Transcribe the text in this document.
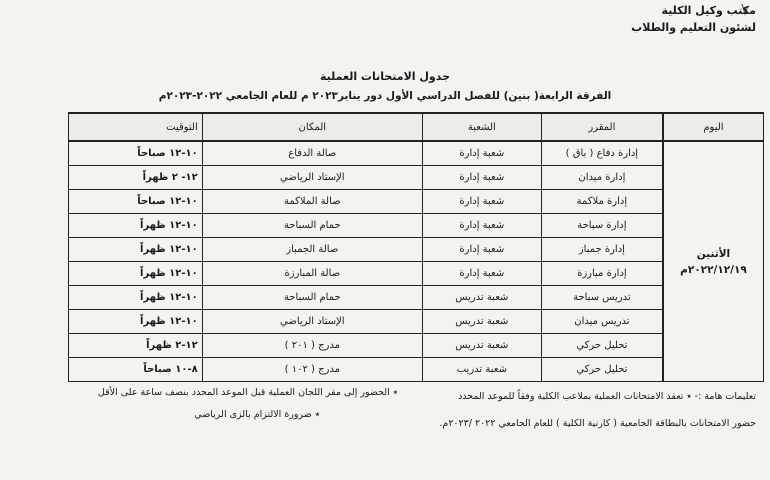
مكتب وكيل الكلية
لشئون التعليم والطلاب
جدول الامتحانات العملية
الفرقة الرابعة( بنين) للفصل الدراسي الأول دور يناير٢٠٢٣ م للعام الجامعي ٢٠٢٢-٢٠٢٣م
اليوم	المقرر	الشعبة	المكان	التوقيت
الأثنين
٢٠٢٢/١٢/١٩م	إدارة دفاع ( باق )	شعبة إدارة	صالة الدفاع	١٠-١٢ صباحاً
	إدارة ميدان	شعبة إدارة	الإستاد الرياضي	١٢- ٢ ظهراً
	إدارة ملاكمة	شعبة إدارة	صالة الملاكمة	١٠-١٢ صباحاً
	إدارة سباحة	شعبة إدارة	حمام السباحة	١٠-١٢ ظهراً
	إدارة جمباز	شعبة إدارة	صالة الجمباز	١٠-١٢ ظهراً
	إدارة مبارزة	شعبة إدارة	صالة المبارزة	١٠-١٢ ظهراً
	تدريس سباحة	شعبة تدريس	حمام السباحة	١٠-١٢ ظهراً
	تدريس ميدان	شعبة تدريس	الإستاد الرياضي	١٠-١٢ ظهراً
	تحليل حركي	شعبة تدريس	مدرج ( ٢٠١ )	١٢-٢ ظهراً
	تحليل حركي	شعبة تدريب	مدرج ( ١٠٢ )	٨-١٠ صباحاً
تعليمات هامة :- ٭ تعقد الامتحانات العملية بملاعب الكلية وفقاً للموعد المحدد
حضور الامتحانات بالبطاقة الجامعية ( كارنية الكلية ) للعام الجامعي ٢٠٢٢ /٢٠٢٣م.
٭ الحضور إلى مقر اللجان العملية قبل الموعد المحدد بنصف ساعة على الأقل
٭ ضرورة الالتزام بالزى الرياضي
